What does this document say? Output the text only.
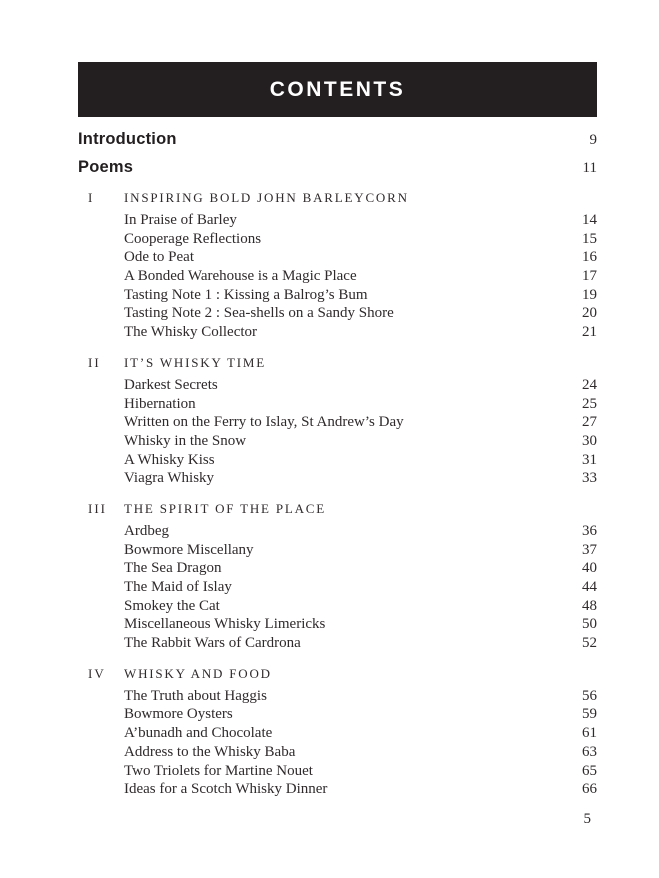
CONTENTS
Introduction	9
Poems	11
I	INSPIRING BOLD JOHN BARLEYCORN
In Praise of Barley	14
Cooperage Reflections	15
Ode to Peat	16
A Bonded Warehouse is a Magic Place	17
Tasting Note 1 : Kissing a Balrog’s Bum	19
Tasting Note 2 : Sea-shells on a Sandy Shore	20
The Whisky Collector	21
II	IT’S WHISKY TIME
Darkest Secrets	24
Hibernation	25
Written on the Ferry to Islay, St Andrew’s Day	27
Whisky in the Snow	30
A Whisky Kiss	31
Viagra Whisky	33
III	THE SPIRIT OF THE PLACE
Ardbeg	36
Bowmore Miscellany	37
The Sea Dragon	40
The Maid of Islay	44
Smokey the Cat	48
Miscellaneous Whisky Limericks	50
The Rabbit Wars of Cardrona	52
IV	WHISKY AND FOOD
The Truth about Haggis	56
Bowmore Oysters	59
A’bunadh and Chocolate	61
Address to the Whisky Baba	63
Two Triolets for Martine Nouet	65
Ideas for a Scotch Whisky Dinner	66
5
